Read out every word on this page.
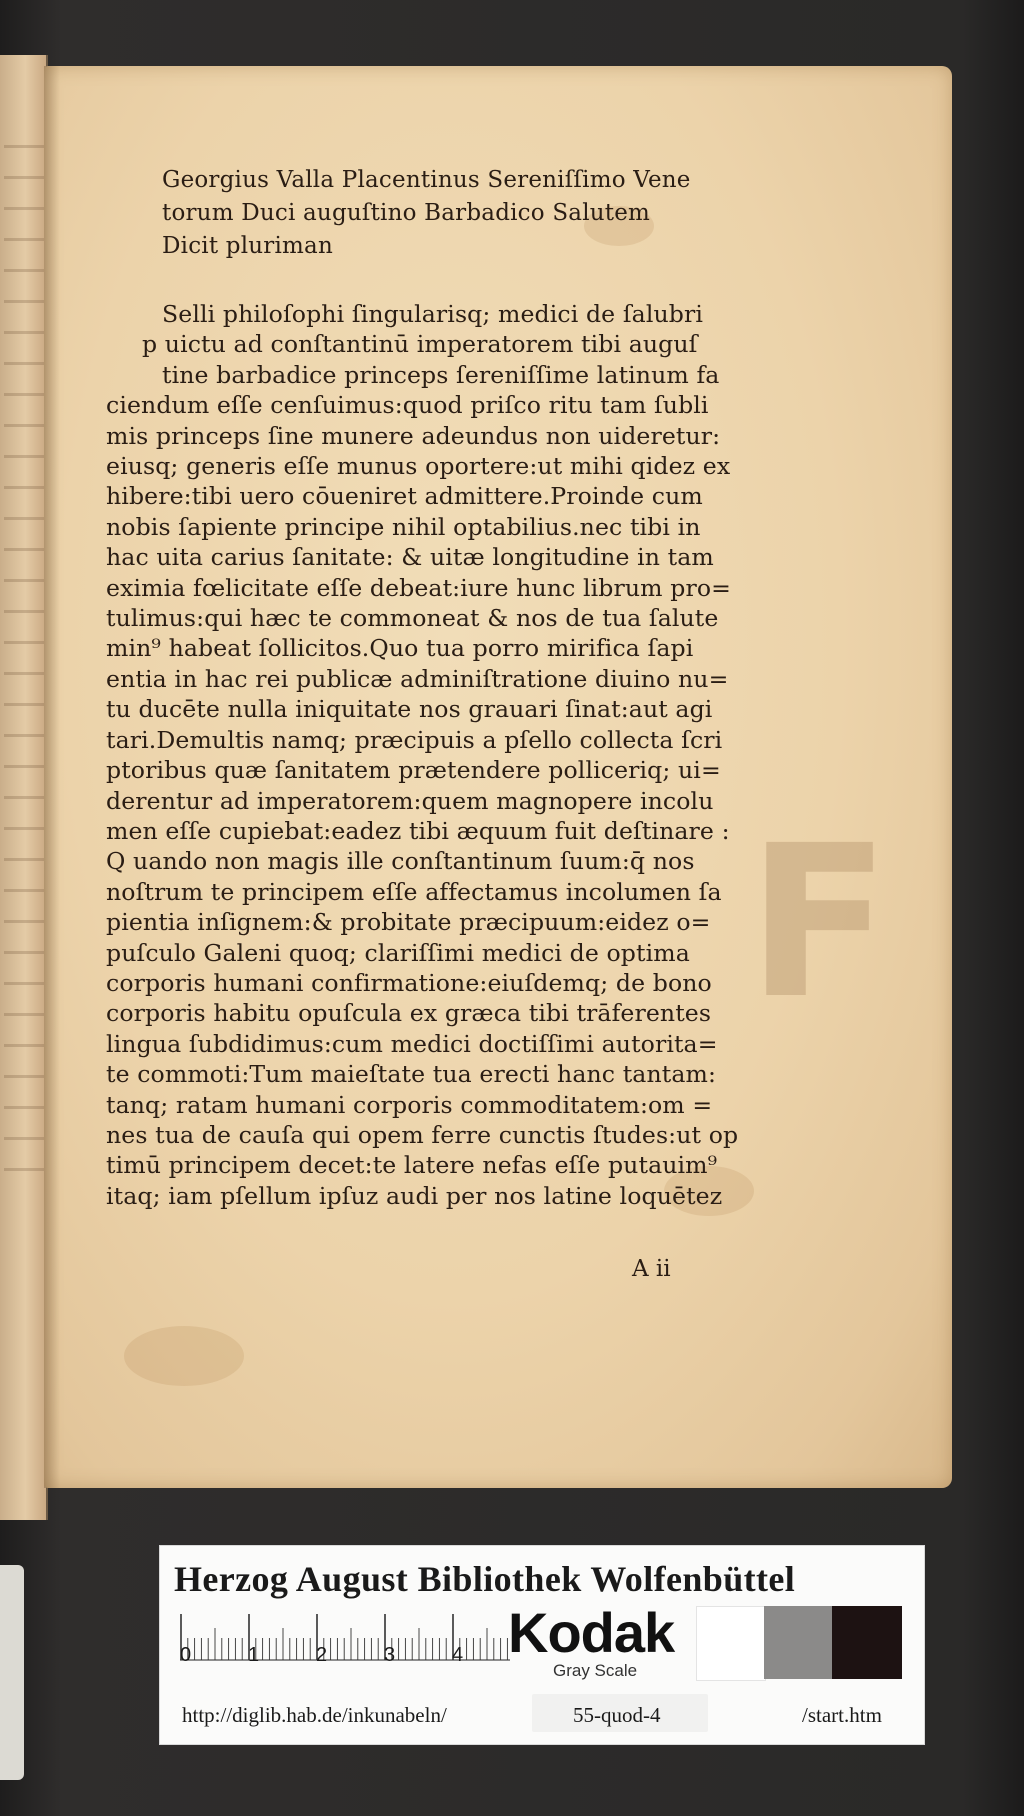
F
Georgius Valla Placentinus Sereniſſimo Vene
torum Duci auguſtino Barbadico Salutem
Dicit pluriman
Selli philoſophi ſingularisq; medici de ſalubri
p uictu ad conſtantinū imperatorem tibi auguſ
tine barbadice princeps ſereniſſime latinum fa
ciendum eſſe cenſuimus:quod priſco ritu tam ſubli
mis princeps ſine munere adeundus non uideretur:
eiusq; generis eſſe munus oportere:ut mihi qidez ex
hibere:tibi uero cōueniret admittere.Proinde cum
nobis ſapiente principe nihil optabilius.nec tibi in
hac uita carius ſanitate: & uitæ longitudine in tam
eximia fœlicitate eſſe debeat:iure hunc librum pro=
tulimus:qui hæc te commoneat & nos de tua ſalute
min⁹ habeat ſollicitos.Quo tua porro mirifica ſapi
entia in hac rei publicæ adminiſtratione diuino nu=
tu ducēte nulla iniquitate nos grauari ſinat:aut agi
tari.Demultis namq; præcipuis a pſello collecta ſcri
ptoribus quæ ſanitatem prætendere polliceriq; ui=
derentur ad imperatorem:quem magnopere incolu
men eſſe cupiebat:eadez tibi æquum fuit deſtinare :
Q uando non magis ille conſtantinum ſuum:q̄ nos
noſtrum te principem eſſe affectamus incolumen ſa
pientia inſignem:& probitate præcipuum:eidez o=
puſculo Galeni quoq; clariſſimi medici de optima
corporis humani confirmatione:eiuſdemq; de bono
corporis habitu opuſcula ex græca tibi trāferentes
lingua ſubdidimus:cum medici doctiſſimi autorita=
te commoti:Tum maieſtate tua erecti hanc tantam:
tanq; ratam humani corporis commoditatem:om =
nes tua de cauſa qui opem ferre cunctis ſtudes:ut op
timū principem decet:te latere nefas eſſe putauim⁹
itaq; iam pſellum ipſuz audi per nos latine loquētez
A ii
Herzog August Bibliothek Wolfenbüttel
0	1	2	3	4 Kodak
Gray Scale
http://diglib.hab.de/inkunabeln/	55-quod-4	/start.htm
